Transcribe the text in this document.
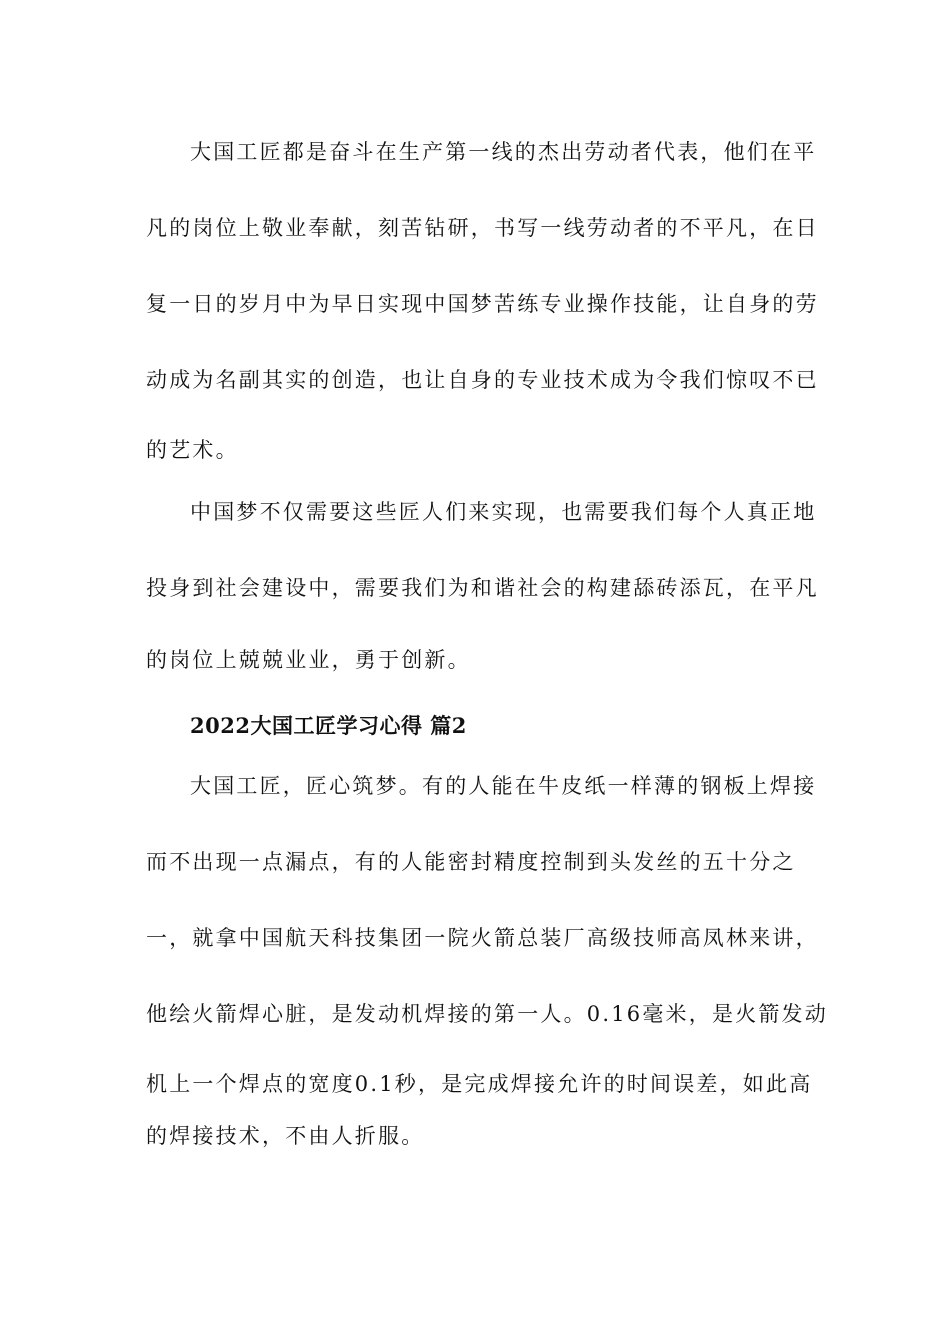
大国工匠都是奋斗在生产第一线的杰出劳动者代表，他们在平
凡的岗位上敬业奉献，刻苦钻研，书写一线劳动者的不平凡，在日
复一日的岁月中为早日实现中国梦苦练专业操作技能，让自身的劳
动成为名副其实的创造，也让自身的专业技术成为令我们惊叹不已
的艺术。
中国梦不仅需要这些匠人们来实现，也需要我们每个人真正地
投身到社会建设中，需要我们为和谐社会的构建舔砖添瓦，在平凡
的岗位上兢兢业业，勇于创新。
2022大国工匠学习心得 篇2
大国工匠，匠心筑梦。有的人能在牛皮纸一样薄的钢板上焊接
而不出现一点漏点，有的人能密封精度控制到头发丝的五十分之
一，就拿中国航天科技集团一院火箭总装厂高级技师高凤林来讲，
他绘火箭焊心脏，是发动机焊接的第一人。0.16毫米，是火箭发动
机上一个焊点的宽度0.1秒，是完成焊接允许的时间误差，如此高
的焊接技术，不由人折服。
